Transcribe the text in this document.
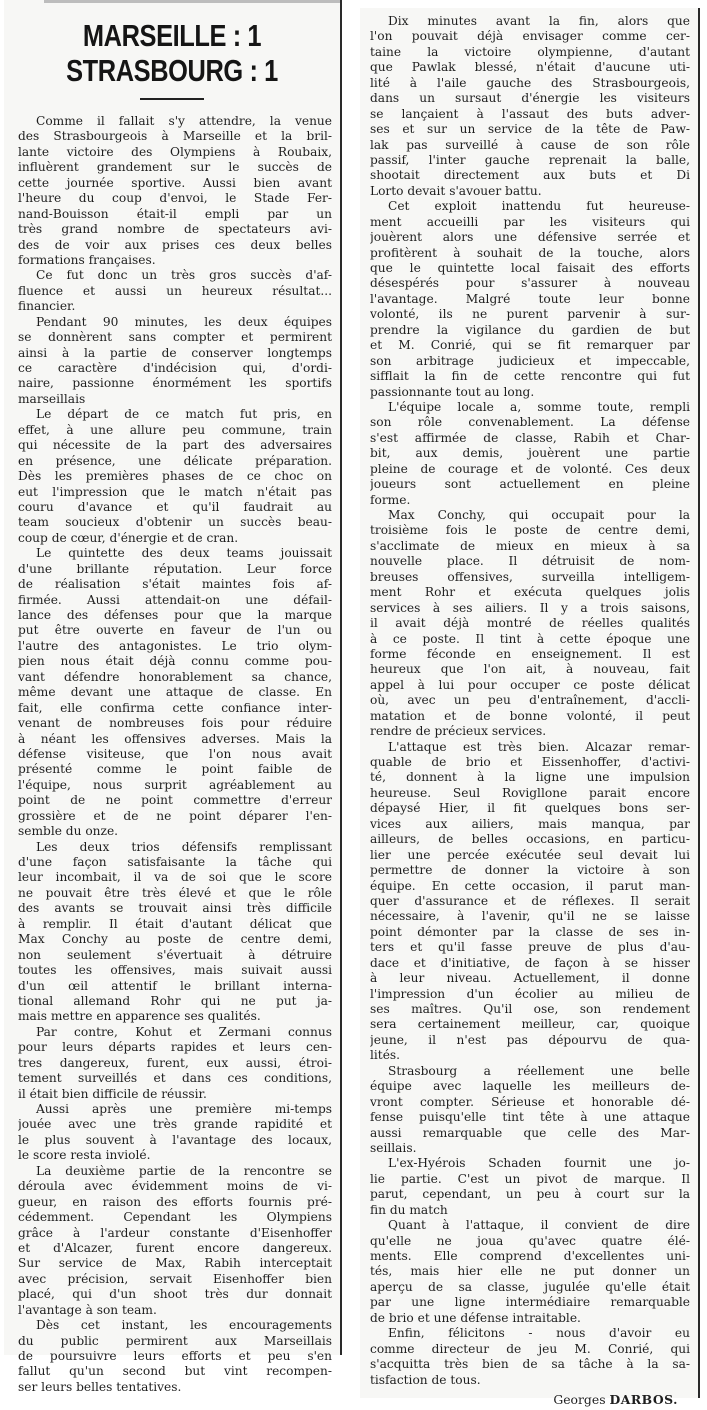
MARSEILLE : 1
STRASBOURG : 1
Comme il fallait s'y attendre, la venue
des Strasbourgeois à Marseille et la bril-
lante victoire des Olympiens à Roubaix,
influèrent grandement sur le succès de
cette journée sportive. Aussi bien avant
l'heure du coup d'envoi, le Stade Fer-
nand-Bouisson était-il empli par un
très grand nombre de spectateurs avi-
des de voir aux prises ces deux belles
formations françaises.
Ce fut donc un très gros succès d'af-
fluence et aussi un heureux résultat...
financier.
Pendant 90 minutes, les deux équipes
se donnèrent sans compter et permirent
ainsi à la partie de conserver longtemps
ce caractère d'indécision qui, d'ordi-
naire, passionne énormément les sportifs
marseillais
Le départ de ce match fut pris, en
effet, à une allure peu commune, train
qui nécessite de la part des adversaires
en présence, une délicate préparation.
Dès les premières phases de ce choc on
eut l'impression que le match n'était pas
couru d'avance et qu'il faudrait au
team soucieux d'obtenir un succès beau-
coup de cœur, d'énergie et de cran.
Le quintette des deux teams jouissait
d'une brillante réputation. Leur force
de réalisation s'était maintes fois af-
firmée. Aussi attendait-on une défail-
lance des défenses pour que la marque
put être ouverte en faveur de l'un ou
l'autre des antagonistes. Le trio olym-
pien nous était déjà connu comme pou-
vant défendre honorablement sa chance,
même devant une attaque de classe. En
fait, elle confirma cette confiance inter-
venant de nombreuses fois pour réduire
à néant les offensives adverses. Mais la
défense visiteuse, que l'on nous avait
présenté comme le point faible de
l'équipe, nous surprit agréablement au
point de ne point commettre d'erreur
grossière et de ne point déparer l'en-
semble du onze.
Les deux trios défensifs remplissant
d'une façon satisfaisante la tâche qui
leur incombait, il va de soi que le score
ne pouvait être très élevé et que le rôle
des avants se trouvait ainsi très difficile
à remplir. Il était d'autant délicat que
Max Conchy au poste de centre demi,
non seulement s'évertuait à détruire
toutes les offensives, mais suivait aussi
d'un œil attentif le brillant interna-
tional allemand Rohr qui ne put ja-
mais mettre en apparence ses qualités.
Par contre, Kohut et Zermani connus
pour leurs départs rapides et leurs cen-
tres dangereux, furent, eux aussi, étroi-
tement surveillés et dans ces conditions,
il était bien difficile de réussir.
Aussi après une première mi-temps
jouée avec une très grande rapidité et
le plus souvent à l'avantage des locaux,
le score resta inviolé.
La deuxième partie de la rencontre se
déroula avec évidemment moins de vi-
gueur, en raison des efforts fournis pré-
cédemment. Cependant les Olympiens
grâce à l'ardeur constante d'Eisenhoffer
et d'Alcazer, furent encore dangereux.
Sur service de Max, Rabih interceptait
avec précision, servait Eisenhoffer bien
placé, qui d'un shoot très dur donnait
l'avantage à son team.
Dès cet instant, les encouragements
du public permirent aux Marseillais
de poursuivre leurs efforts et peu s'en
fallut qu'un second but vint recompen-
ser leurs belles tentatives.
Dix minutes avant la fin, alors que
l'on pouvait déjà envisager comme cer-
taine la victoire olympienne, d'autant
que Pawlak blessé, n'était d'aucune uti-
lité à l'aile gauche des Strasbourgeois,
dans un sursaut d'énergie les visiteurs
se lançaient à l'assaut des buts adver-
ses et sur un service de la tête de Paw-
lak pas surveillé à cause de son rôle
passif, l'inter gauche reprenait la balle,
shootait directement aux buts et Di
Lorto devait s'avouer battu.
Cet exploit inattendu fut heureuse-
ment accueilli par les visiteurs qui
jouèrent alors une défensive serrée et
profitèrent à souhait de la touche, alors
que le quintette local faisait des efforts
désespérés pour s'assurer à nouveau
l'avantage. Malgré toute leur bonne
volonté, ils ne purent parvenir à sur-
prendre la vigilance du gardien de but
et M. Conrié, qui se fit remarquer par
son arbitrage judicieux et impeccable,
sifflait la fin de cette rencontre qui fut
passionnante tout au long.
L'équipe locale a, somme toute, rempli
son rôle convenablement. La défense
s'est affirmée de classe, Rabih et Char-
bit, aux demis, jouèrent une partie
pleine de courage et de volonté. Ces deux
joueurs sont actuellement en pleine
forme.
Max Conchy, qui occupait pour la
troisième fois le poste de centre demi,
s'acclimate de mieux en mieux à sa
nouvelle place. Il détruisit de nom-
breuses offensives, surveilla intelligem-
ment Rohr et exécuta quelques jolis
services à ses ailiers. Il y a trois saisons,
il avait déjà montré de réelles qualités
à ce poste. Il tint à cette époque une
forme féconde en enseignement. Il est
heureux que l'on ait, à nouveau, fait
appel à lui pour occuper ce poste délicat
où, avec un peu d'entraînement, d'accli-
matation et de bonne volonté, il peut
rendre de précieux services.
L'attaque est très bien. Alcazar remar-
quable de brio et Eissenhoffer, d'activi-
té, donnent à la ligne une impulsion
heureuse. Seul Rovigllone parait encore
dépaysé Hier, il fit quelques bons ser-
vices aux ailiers, mais manqua, par
ailleurs, de belles occasions, en particu-
lier une percée exécutée seul devait lui
permettre de donner la victoire à son
équipe. En cette occasion, il parut man-
quer d'assurance et de réflexes. Il serait
nécessaire, à l'avenir, qu'il ne se laisse
point démonter par la classe de ses in-
ters et qu'il fasse preuve de plus d'au-
dace et d'initiative, de façon à se hisser
à leur niveau. Actuellement, il donne
l'impression d'un écolier au milieu de
ses maîtres. Qu'il ose, son rendement
sera certainement meilleur, car, quoique
jeune, il n'est pas dépourvu de qua-
lités.
Strasbourg a réellement une belle
équipe avec laquelle les meilleurs de-
vront compter. Sérieuse et honorable dé-
fense puisqu'elle tint tête à une attaque
aussi remarquable que celle des Mar-
seillais.
L'ex-Hyérois Schaden fournit une jo-
lie partie. C'est un pivot de marque. Il
parut, cependant, un peu à court sur la
fin du match
Quant à l'attaque, il convient de dire
qu'elle ne joua qu'avec quatre élé-
ments. Elle comprend d'excellentes uni-
tés, mais hier elle ne put donner un
aperçu de sa classe, jugulée qu'elle était
par une ligne intermédiaire remarquable
de brio et une défense intraitable.
Enfin, félicitons - nous d'avoir eu
comme directeur de jeu M. Conrié, qui
s'acquitta très bien de sa tâche à la sa-
tisfaction de tous.
Georges DARBOS.
